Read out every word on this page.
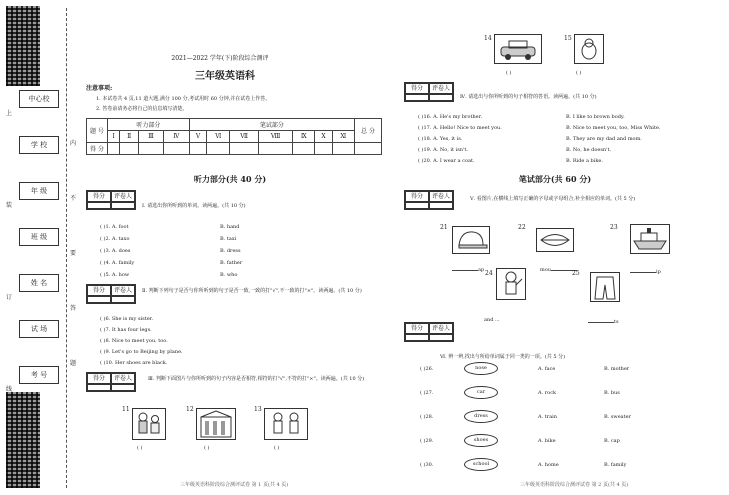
中心校
学 校
年 级
班 级
姓 名
试 场
考 号
上
装
订
线
内
不
要
答
题
2021—2022 学年(下)阶段综合测评
三年级英语科
注意事项:
1. 本试卷共 4 页,11 道大题,满分 100 分,考试用时 60 分钟,并在试卷上作答。
2. 答卷前请务必将自己的信息填写清楚。
题 号	听力部分				笔试部分							总 分
	Ⅰ	Ⅱ	Ⅲ	Ⅳ	Ⅴ	Ⅵ	Ⅶ	Ⅷ	Ⅸ	Ⅹ	Ⅺ	
得 分												
听力部分(共 40 分)
得分	评卷人
Ⅰ. 请选出你所听到的单词。读两遍。(共 10 分)
( )1. A. foot	B. hand
( )2. A. taxo	B. taxi
( )3. A. does	B. dress
( )4. A. family	B. father
( )5. A. how	B. who
得分	评卷人	Ⅱ. 判断下列句子是否与你所听到的句子是否一致,一致的打"√",不一致的打"×"。读两遍。(共 10 分)
( )6. She is my sister.
( )7. It has four legs.
( )8. Nice to meet you, too.
( )9. Let's go to Beijing by plane.
( )10. Her shoes are black.
得分	评卷人	Ⅲ. 判断下面图片与你所听到的句子内容是否相符,相符的打"√",不符的打"×"。读两遍。(共 10 分)
11	12	13
( )	( )	( )
三年级英语科阶段综合测评试卷 第 1 页(共 4 页)
14	15
( )	( )
得分	评卷人
Ⅳ. 请选出与你所听到的句子相符的答语。读两遍。(共 10 分)
( )16. A. He's my brother.	B. I like to brown body.
( )17. A. Hello! Nice to meet you.	B. Nice to meet you, too, Miss White.
( )18. A. Yes, it is.	B. They are my dad and mom.
( )19. A. No, it isn't.	B. No, he doesn't.
( )20. A. I wear a coat.	B. Ride a bike.
笔试部分(共 60 分)
得分	评卷人	Ⅴ. 看图片,在横线上填写正确的字母或字母组合,补全相应的单词。(共 5 分)
21
ap
22
mou
23
ip
24
and ...
25
ts
得分	评卷人
Ⅵ. 辨一辨,找出与所给单词属于同一类的一项。(共 5 分)
( )26.	nose	A. face	B. mother
( )27.	car	A. rock	B. bus
( )28.	dress	A. train	B. sweater
( )29.	shoes	A. bike	B. cap
( )30.	school	A. home	B. family
三年级英语科阶段综合测评试卷 第 2 页(共 4 页)
